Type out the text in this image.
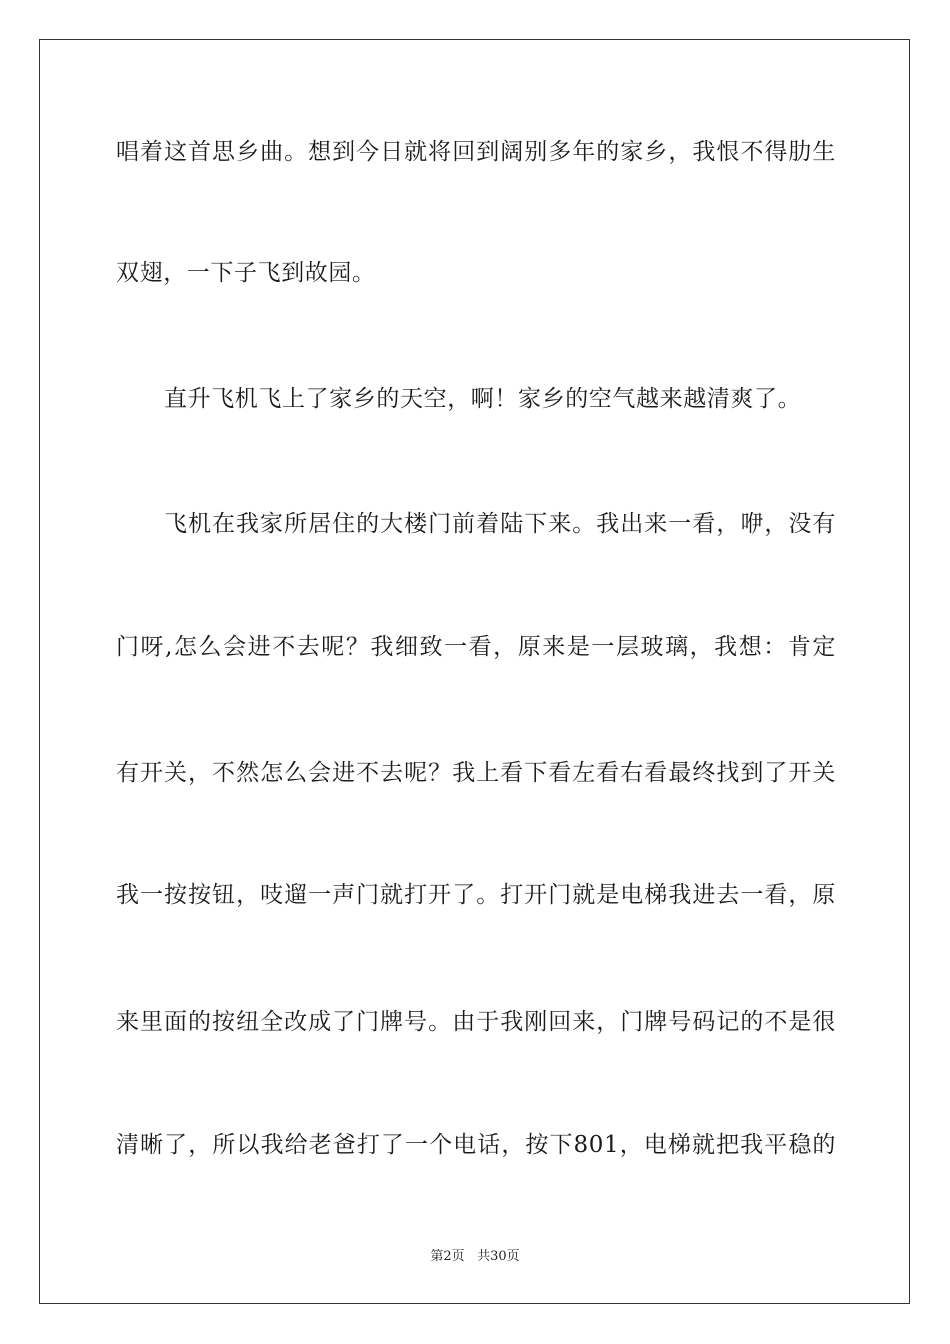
唱着这首思乡曲。想到今日就将回到阔别多年的家乡，我恨不得肋生
双翅，一下子飞到故园。
直升飞机飞上了家乡的天空，啊！家乡的空气越来越清爽了。
飞机在我家所居住的大楼门前着陆下来。我出来一看，咿，没有
门呀,怎么会进不去呢？我细致一看，原来是一层玻璃，我想：肯定
有开关，不然怎么会进不去呢？我上看下看左看右看最终找到了开关
我一按按钮，吱遛一声门就打开了。打开门就是电梯我进去一看，原
来里面的按纽全改成了门牌号。由于我刚回来，门牌号码记的不是很
清晰了，所以我给老爸打了一个电话，按下801，电梯就把我平稳的
第2页 共30页
